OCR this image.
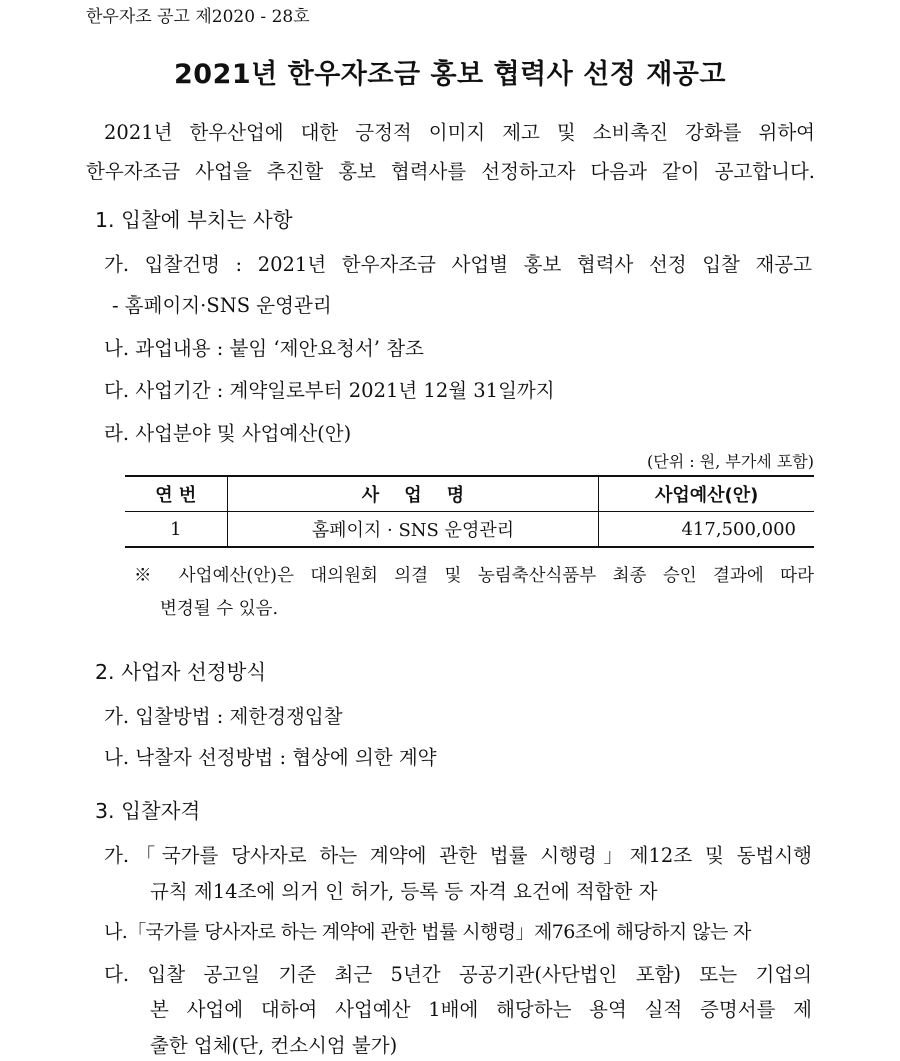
한우자조 공고 제2020 - 28호
2021년 한우자조금 홍보 협력사 선정 재공고
2021년 한우산업에 대한 긍정적 이미지 제고 및 소비촉진 강화를 위하여
한우자조금 사업을 추진할 홍보 협력사를 선정하고자 다음과 같이 공고합니다.
1. 입찰에 부치는 사항
가. 입찰건명 : 2021년 한우자조금 사업별 홍보 협력사 선정 입찰 재공고
- 홈페이지·SNS 운영관리
나. 과업내용 : 붙임 ‘제안요청서’ 참조
다. 사업기간 : 계약일로부터 2021년 12월 31일까지
라. 사업분야 및 사업예산(안)
(단위 : 원, 부가세 포함)
연 번	사    업    명	사업예산(안)
1	홈페이지 · SNS 운영관리	417,500,000
※ 사업예산(안)은 대의원회 의결 및 농림축산식품부 최종 승인 결과에 따라
변경될 수 있음.
2. 사업자 선정방식
가. 입찰방법 : 제한경쟁입찰
나. 낙찰자 선정방법 : 협상에 의한 계약
3. 입찰자격
가.「국가를 당사자로 하는 계약에 관한 법률 시행령」제12조 및 동법시행
규칙 제14조에 의거 인 허가, 등록 등 자격 요건에 적합한 자
나.「국가를 당사자로 하는 계약에 관한 법률 시행령」제76조에 해당하지 않는 자
다. 입찰 공고일 기준 최근 5년간 공공기관(사단법인 포함) 또는 기업의
본 사업에 대하여 사업예산 1배에 해당하는 용역 실적 증명서를 제
출한 업체(단, 컨소시엄 불가)
